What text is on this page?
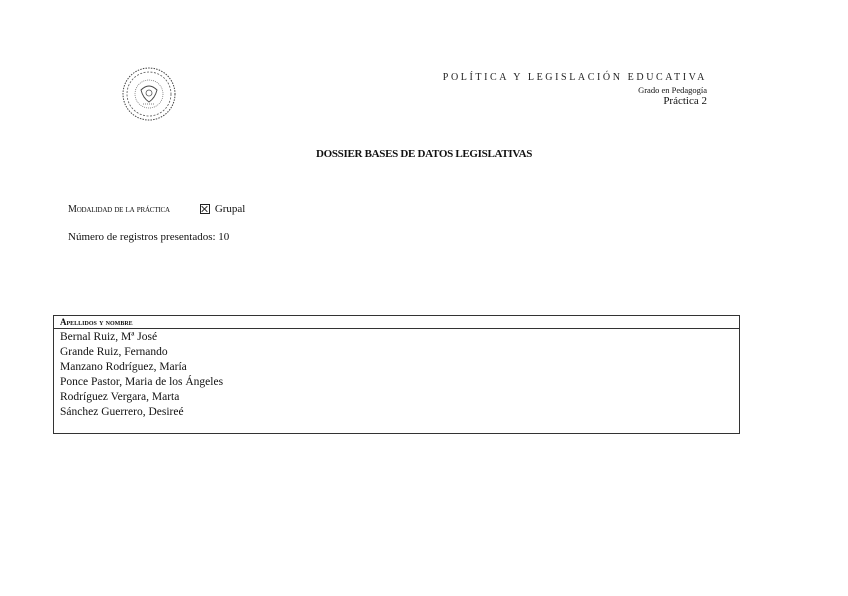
POLÍTICA Y LEGISLACIÓN EDUCATIVA
Grado en Pedagogía
Práctica 2
DOSSIER BASES DE DATOS LEGISLATIVAS
Modalidad de la práctica	Grupal
Número de registros presentados: 10
Apellidos y nombre
Bernal Ruiz, Mª José
Grande Ruiz, Fernando
Manzano Rodríguez, María
Ponce Pastor, Maria de los Ángeles
Rodríguez Vergara, Marta
Sánchez Guerrero, Desireé
